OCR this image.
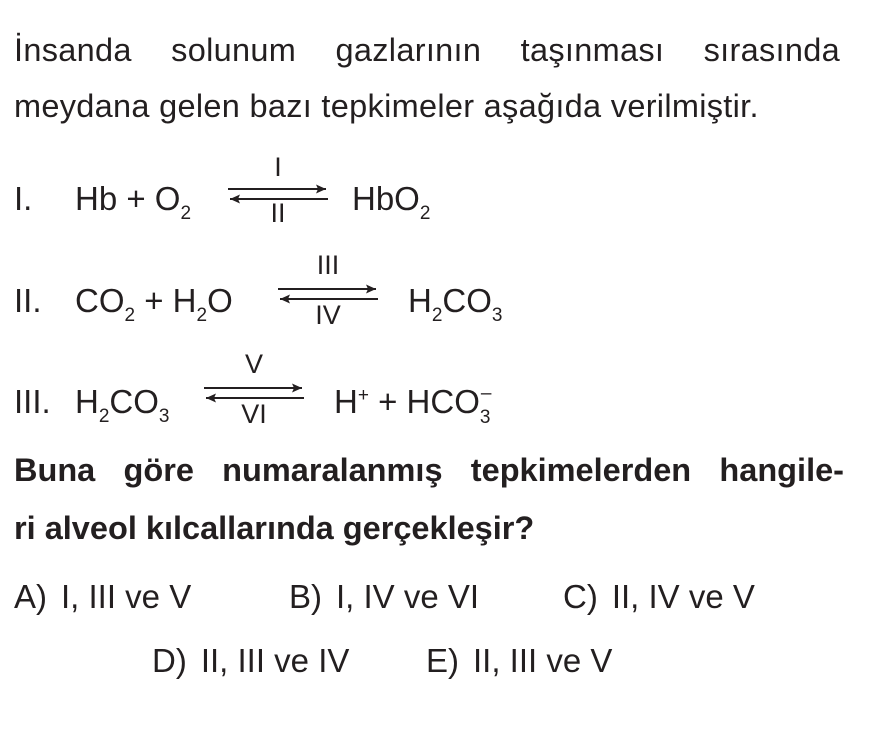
İnsanda solunum gazlarının taşınması sırasında
meydana gelen bazı tepkimeler aşağıda verilmiştir.
I. $Hb + O_2$
I
II	HbO$_2$
II. $CO_2 + H_2O$
III
IV	$H_2CO_3$
III. $H_2CO_3$
V
VI	H+ + HCO –
3
Buna göre numaralanmış tepkimelerden hangile-
ri alveol kılcallarında gerçekleşir?
A) I, III ve V	B) I, IV ve VI	C) II, IV ve V
D) II, III ve IV E) II, III ve V
